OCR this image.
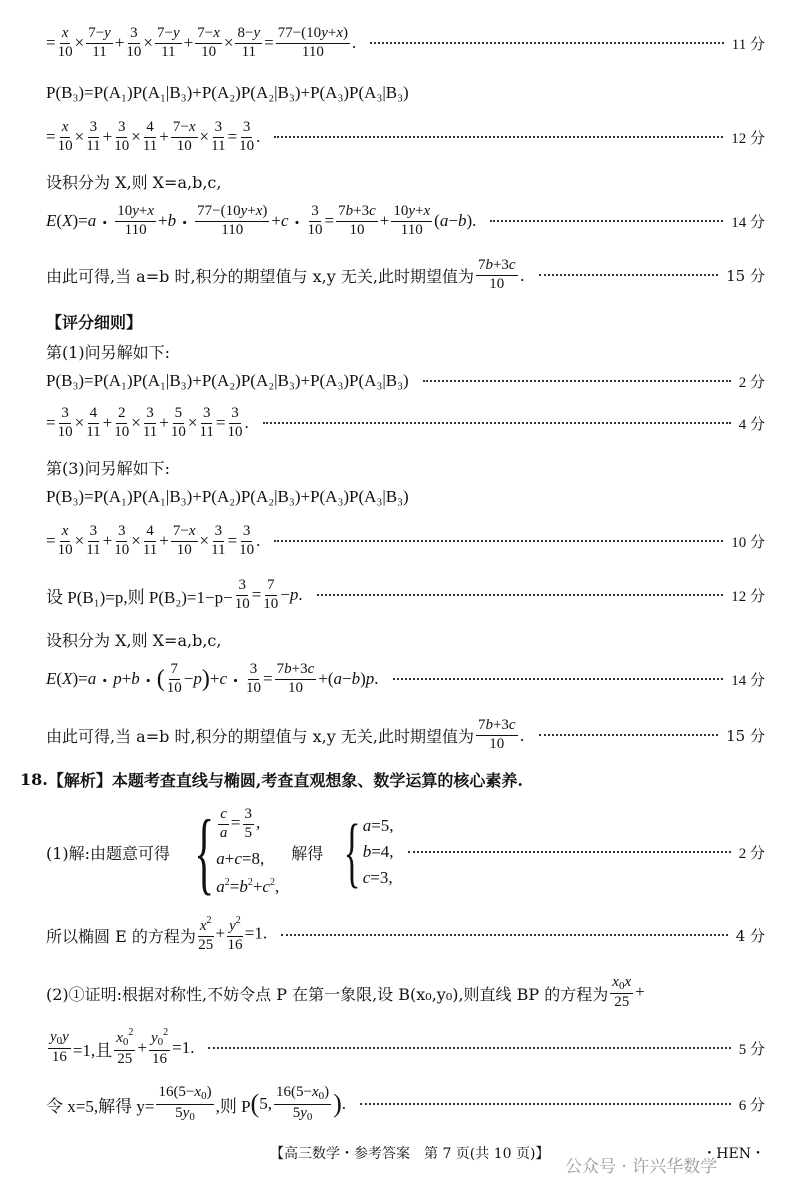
=
x
10 ×
7−y
11 +
3
10 ×
7−y
11 +
7−x
10 ×
8−y
11 =
77−(10y+x)
110 .	11 分
P(B₃)=P(A₁)P(A₁|B₃)+P(A₂)P(A₂|B₃)+P(A₃)P(A₃|B₃)
=
x
10 ×
3
11 +
3
10 ×
4
11 +
7−x
10 ×
3
11 =
3
10 .	12 分
设积分为 X,则 X=a,b,c,
E ( X )= a ・
10y+x
110 + b ・
77−(10y+x)
110 + c ・
3
10 =
7b+3c
10 +
10y+x
110 ( a − b ).	14 分
由此可得,当 a=b 时,积分的期望值与 x,y 无关,此时期望值为
7b+3c
10 .	15 分
【评分细则】
第(1)问另解如下:
P(B₃)=P(A₁)P(A₁|B₃)+P(A₂)P(A₂|B₃)+P(A₃)P(A₃|B₃)	2 分
=
3
10 ×
4
11 +
2
10 ×
3
11 +
5
10 ×
3
11 =
3
10 .	4 分
第(3)问另解如下:
P(B₃)=P(A₁)P(A₁|B₃)+P(A₂)P(A₂|B₃)+P(A₃)P(A₃|B₃)
=
x
10 ×
3
11 +
3
10 ×
4
11 +
7−x
10 ×
3
11 =
3
10 .	10 分
设 P(B₁)=p,则 $P(B_2)=1-p- \frac{3}{10}$ =
7
10 − p .	12 分
设积分为 X,则 X=a,b,c,
E ( X )= a ・ p + b ・ ( 7
10 − p ) + c ・
3
10 =
7b+3c
10 +( a − b ) p .	14 分
由此可得,当 a=b 时,积分的期望值与 x,y 无关,此时期望值为
7b+3c
10 .	15 分
18. 【解析】本题考查直线与椭圆,考查直观想象、数学运算的核心素养.
(1)解:由题意可得 { $\frac{c}{a} = \frac{3}{5}$ ,
a+c=8,
$a^2=b^2+c^2$,
解得 { a=5,
b=4,
c=3,
2 分
所以椭圆 E 的方程为 $\frac{x^2}{25} + \frac{y^2}{16} =1$.	4 分
(2)①证明:根据对称性,不妨令点 P 在第一象限,设 B(x₀,y₀),则直线 BP 的方程为 $\frac{x_0x}{25}$ +
$y_0y$
16 =1,且
$x_0^2$
25
+ $y_0^2$
16
=1.	5 分
令 x=5,解得 $y= \frac{16(5-x_0)}{5y_0}$ ,则 P ( 5,
$16(5-x_0)$
$5y_0$ ) .	6 分
【高三数学・参考答案　第 7 页(共 10 页)】	・HEN・
公众号 · 许兴华数学
